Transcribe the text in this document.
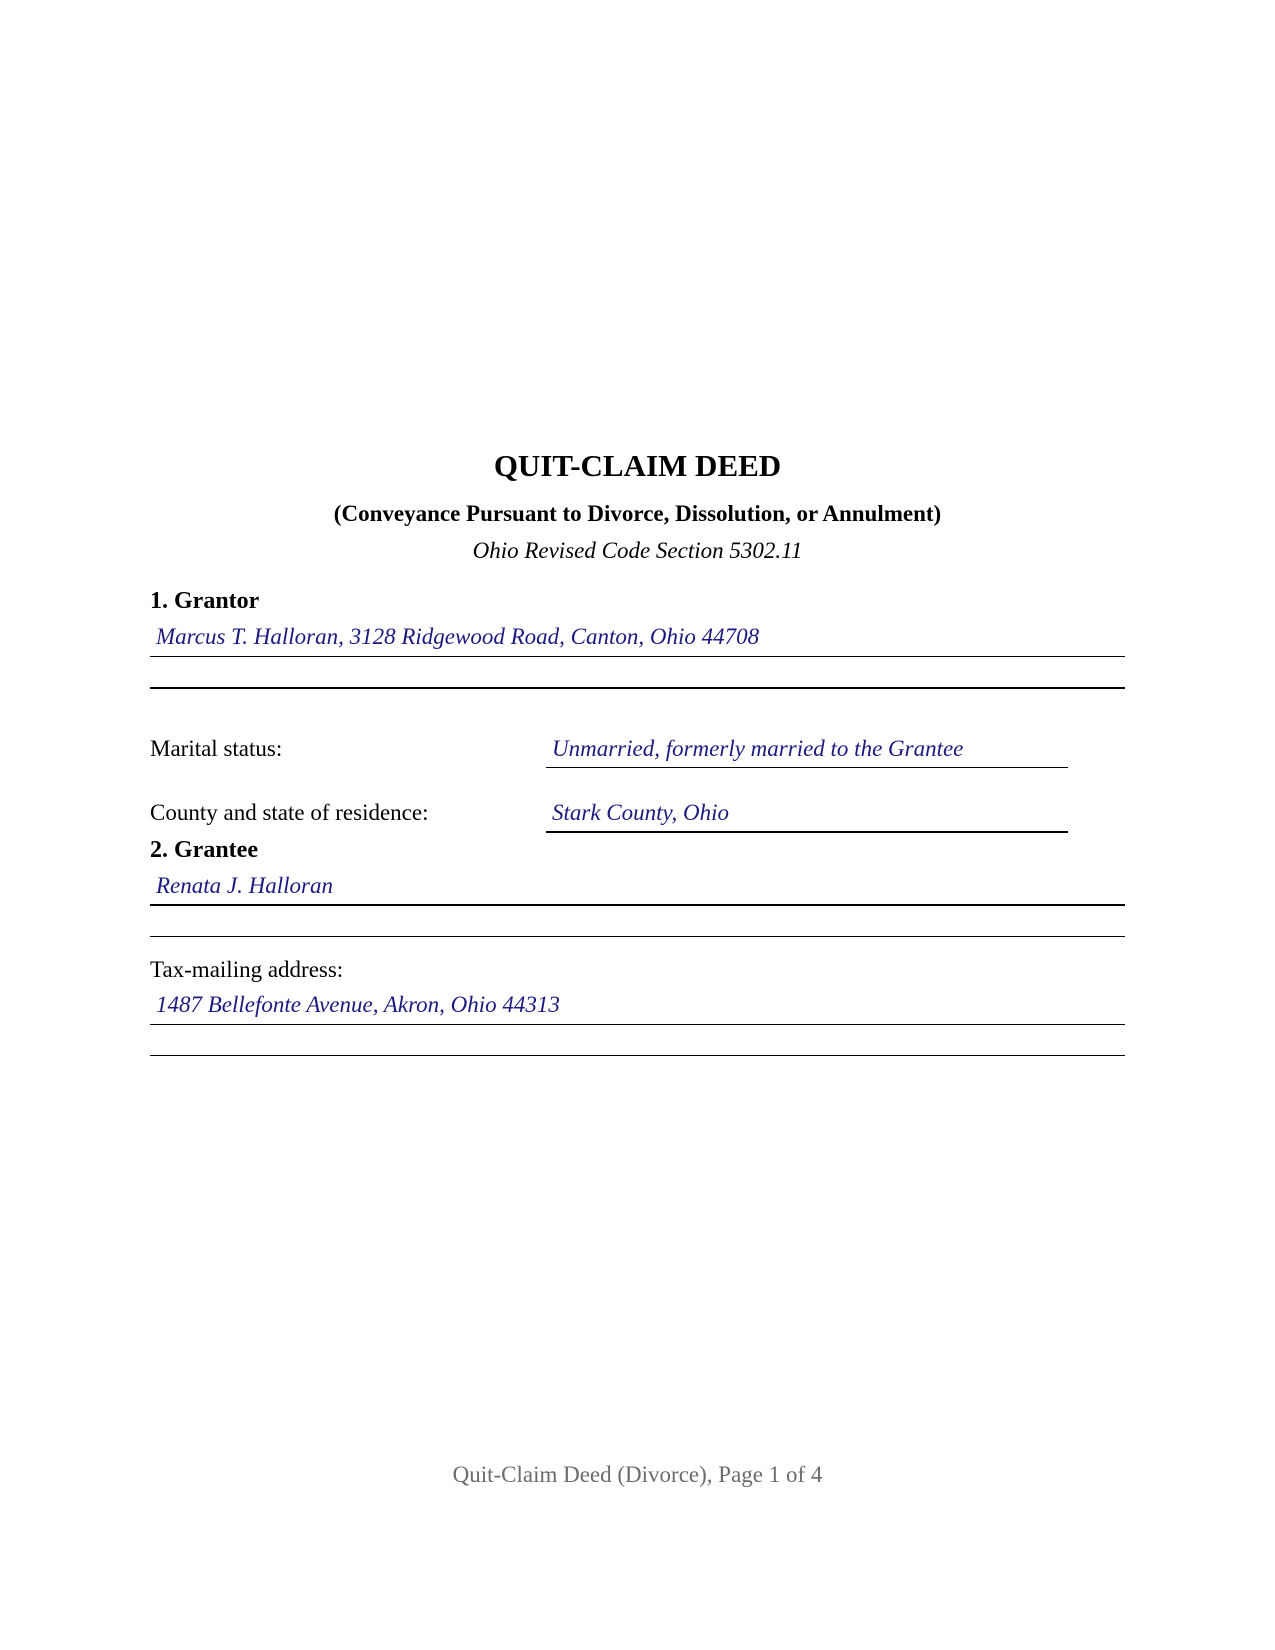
QUIT-CLAIM DEED
(Conveyance Pursuant to Divorce, Dissolution, or Annulment)
Ohio Revised Code Section 5302.11
1. Grantor
Marcus T. Halloran, 3128 Ridgewood Road, Canton, Ohio 44708
Marital status:	Unmarried, formerly married to the Grantee
County and state of residence:	Stark County, Ohio
2. Grantee
Renata J. Halloran
Tax-mailing address:
1487 Bellefonte Avenue, Akron, Ohio 44313
Quit-Claim Deed (Divorce), Page 1 of 4
